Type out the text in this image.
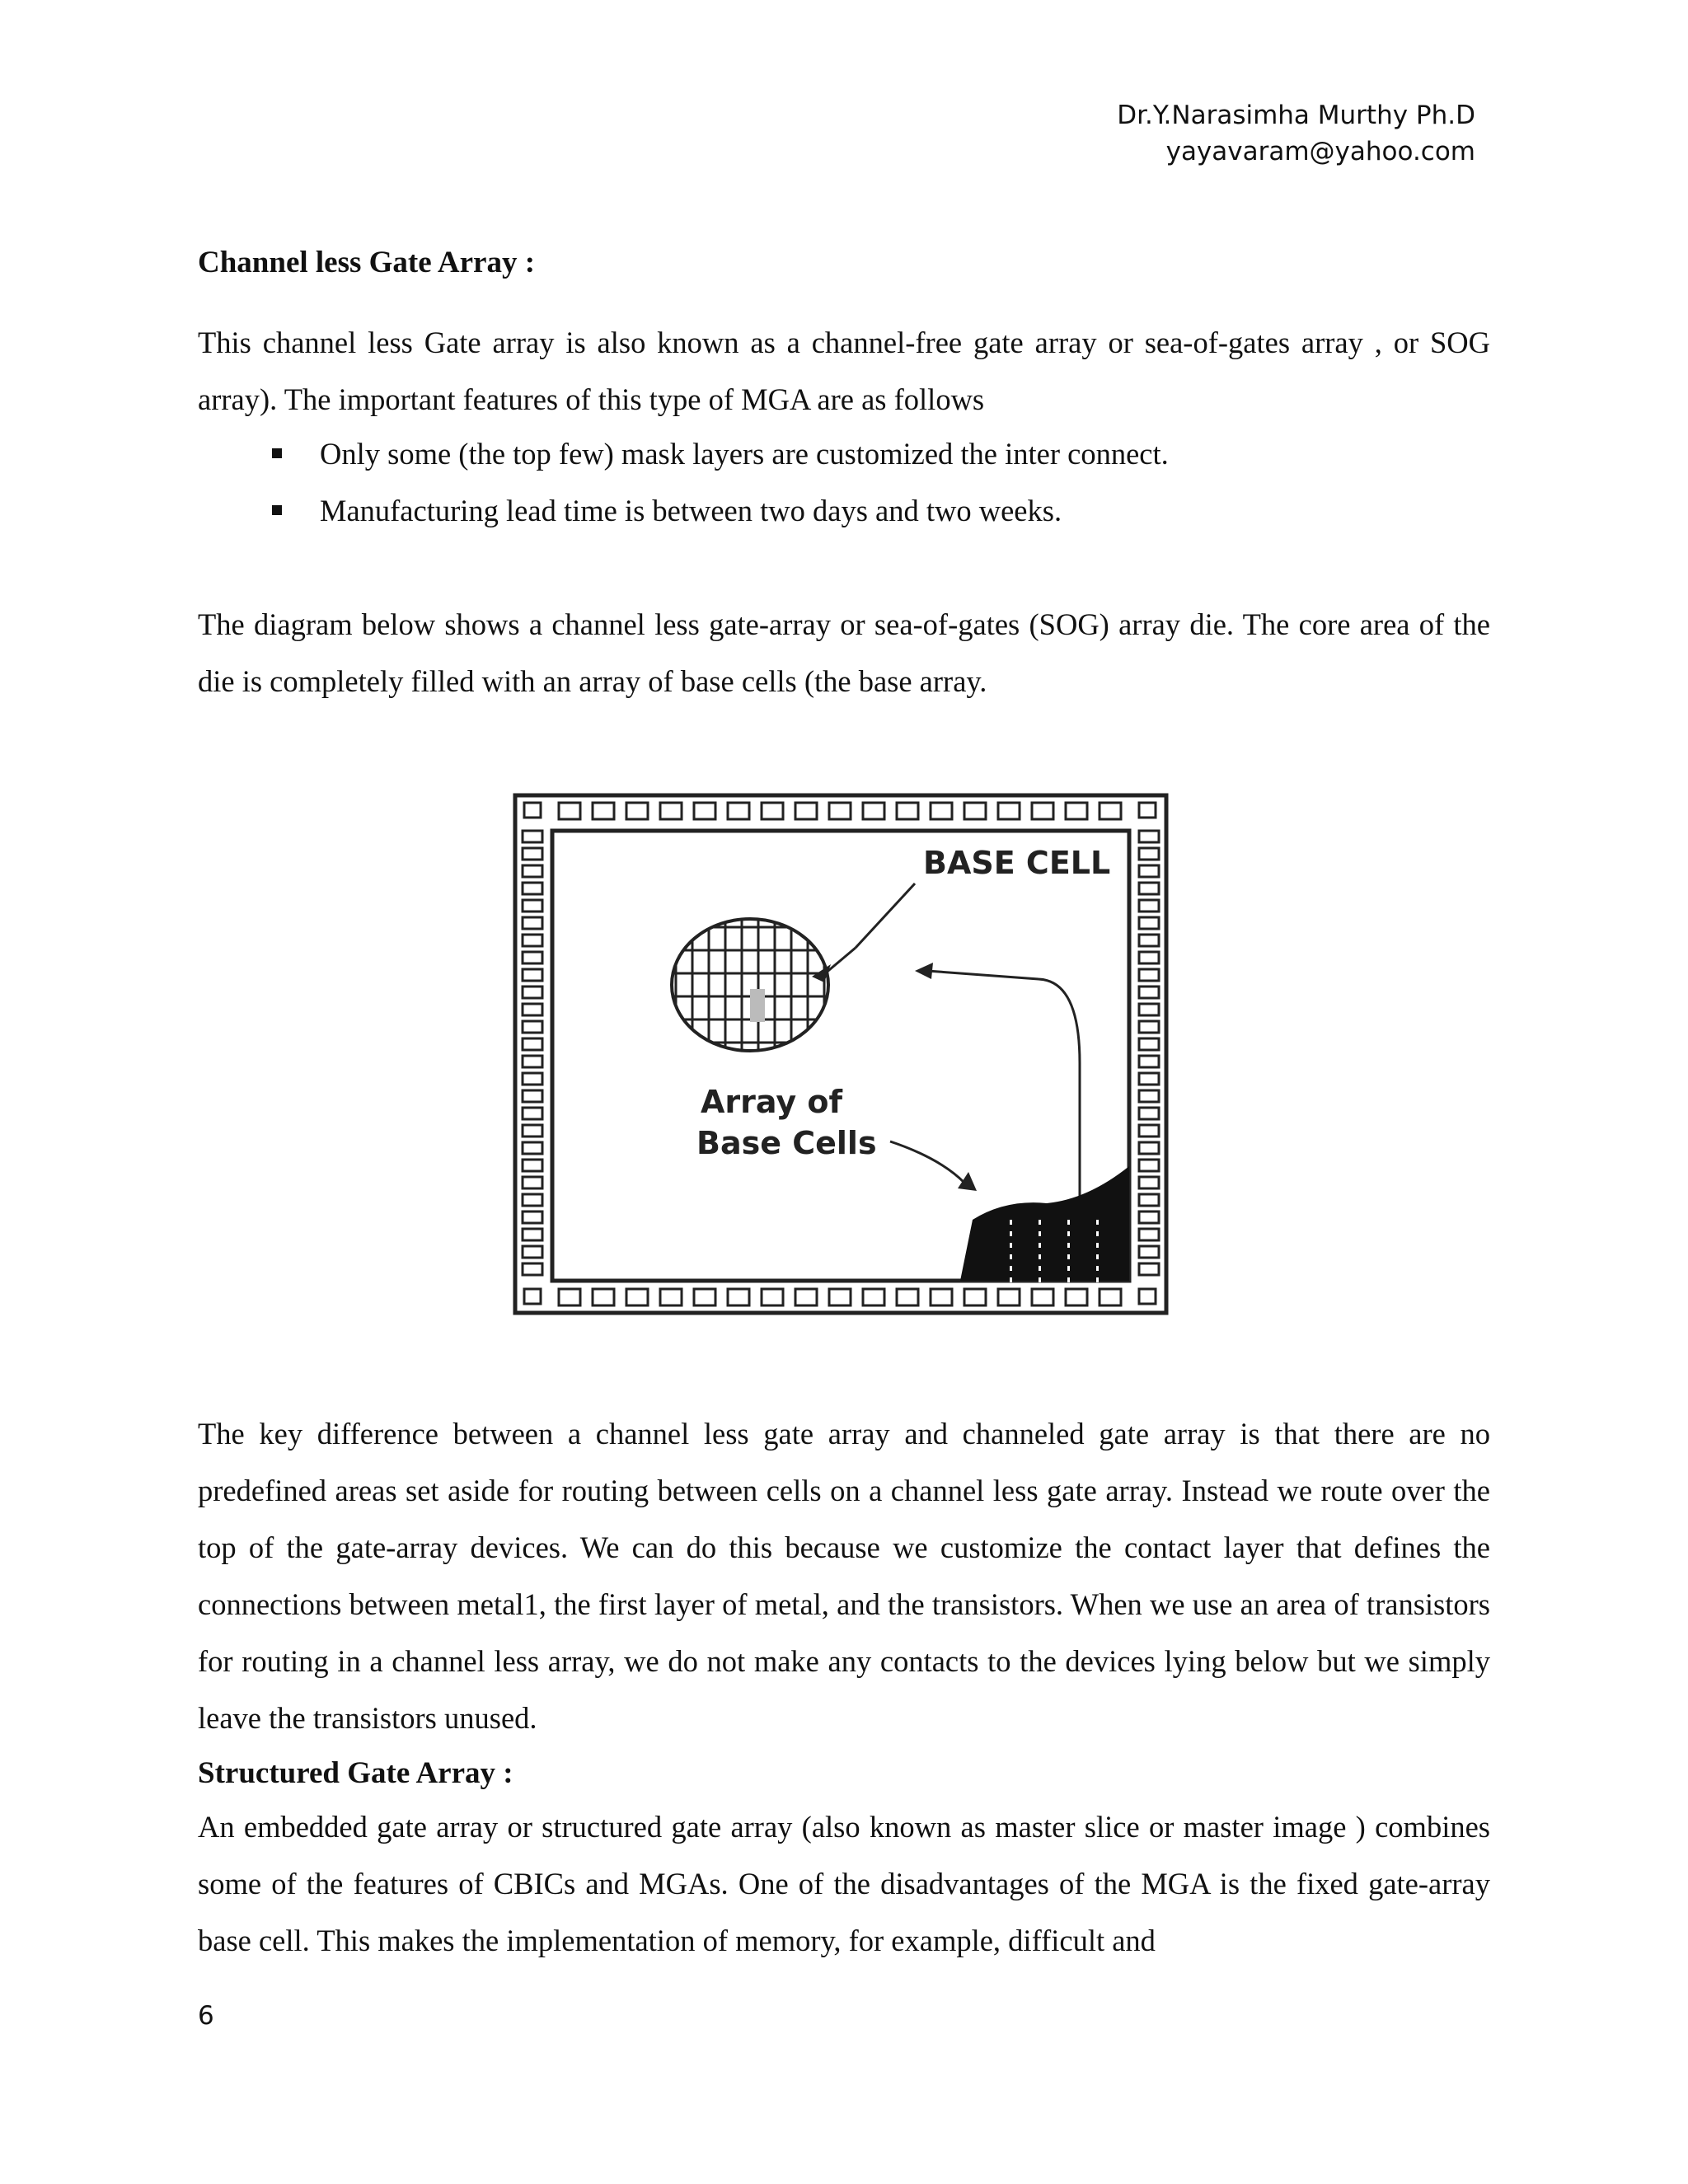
Dr.Y.Narasimha Murthy Ph.D
yayavaram@yahoo.com
Channel less Gate Array :

This channel less Gate array is also known as a channel-free gate array or sea-of-gates array , or SOG array). The important features of this type of MGA are as follows

Only some (the top few) mask layers are customized the inter connect.
Manufacturing lead time is between two days and two weeks.

The diagram below shows a channel less gate-array or sea-of-gates (SOG) array die. The core area of the die is completely filled with an array of base cells (the base array.

BASE CELL
Array of
Base Cells

The key difference between a channel less gate array and channeled gate array is that there are no predefined areas set aside for routing between cells on a channel less gate array. Instead we route over the top of the gate-array devices. We can do this because we customize the contact layer that defines the connections between metal1, the first layer of metal, and the transistors. When we use an area of transistors for routing in a channel less array, we do not make any contacts to the devices lying below but we simply leave the transistors unused.

Structured Gate Array :

An embedded gate array or structured gate array (also known as master slice or master image ) combines some of the features of CBICs and MGAs. One of the disadvantages of the MGA is the fixed gate-array base cell. This makes the implementation of memory, for example, difficult and

6
